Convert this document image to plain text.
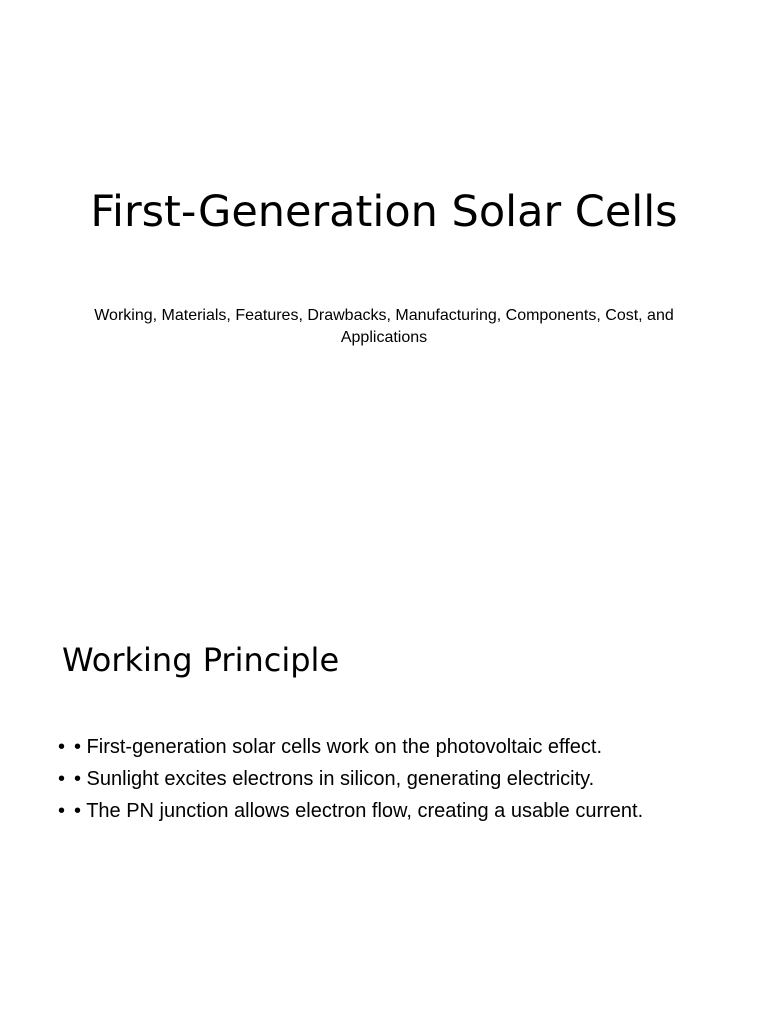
First-Generation Solar Cells

Working, Materials, Features, Drawbacks, Manufacturing, Components, Cost, and Applications

Working Principle
• • First-generation solar cells work on the photovoltaic effect.
• • Sunlight excites electrons in silicon, generating electricity.
• • The PN junction allows electron flow, creating a usable current.
